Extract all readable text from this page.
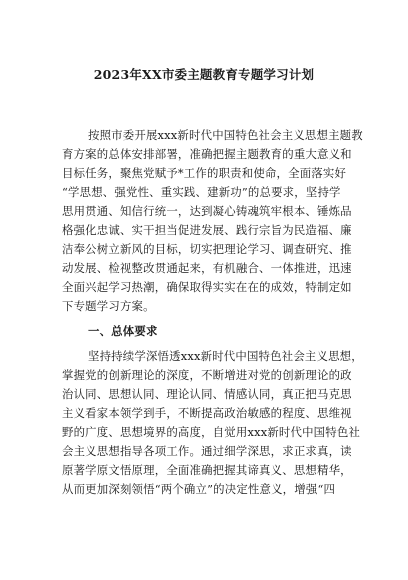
2023年XX市委主题教育专题学习计划
按照市委开展xxx新时代中国特色社会主义思想主题教
育方案的总体安排部署，准确把握主题教育的重大意义和
目标任务，聚焦党赋予*工作的职责和使命，全面落实好
“学思想、强党性、重实践、建新功”的总要求，坚持学
思用贯通、知信行统一，达到凝心铸魂筑牢根本、锤炼品
格强化忠诚、实干担当促进发展、践行宗旨为民造福、廉
洁奉公树立新风的目标，切实把理论学习、调查研究、推
动发展、检视整改贯通起来，有机融合、一体推进，迅速
全面兴起学习热潮，确保取得实实在在的成效，特制定如
下专题学习方案。
一、总体要求
坚持持续学深悟透xxx新时代中国特色社会主义思想，
掌握党的创新理论的深度，不断增进对党的创新理论的政
治认同、思想认同、理论认同、情感认同，真正把马克思
主义看家本领学到手，不断提高政治敏感的程度、思维视
野的广度、思想境界的高度，自觉用xxx新时代中国特色社
会主义思想指导各项工作。通过细学深思，求正求真，读
原著学原文悟原理，全面准确把握其谛真义、思想精华，
从而更加深刻领悟“两个确立”的决定性意义，增强“四
